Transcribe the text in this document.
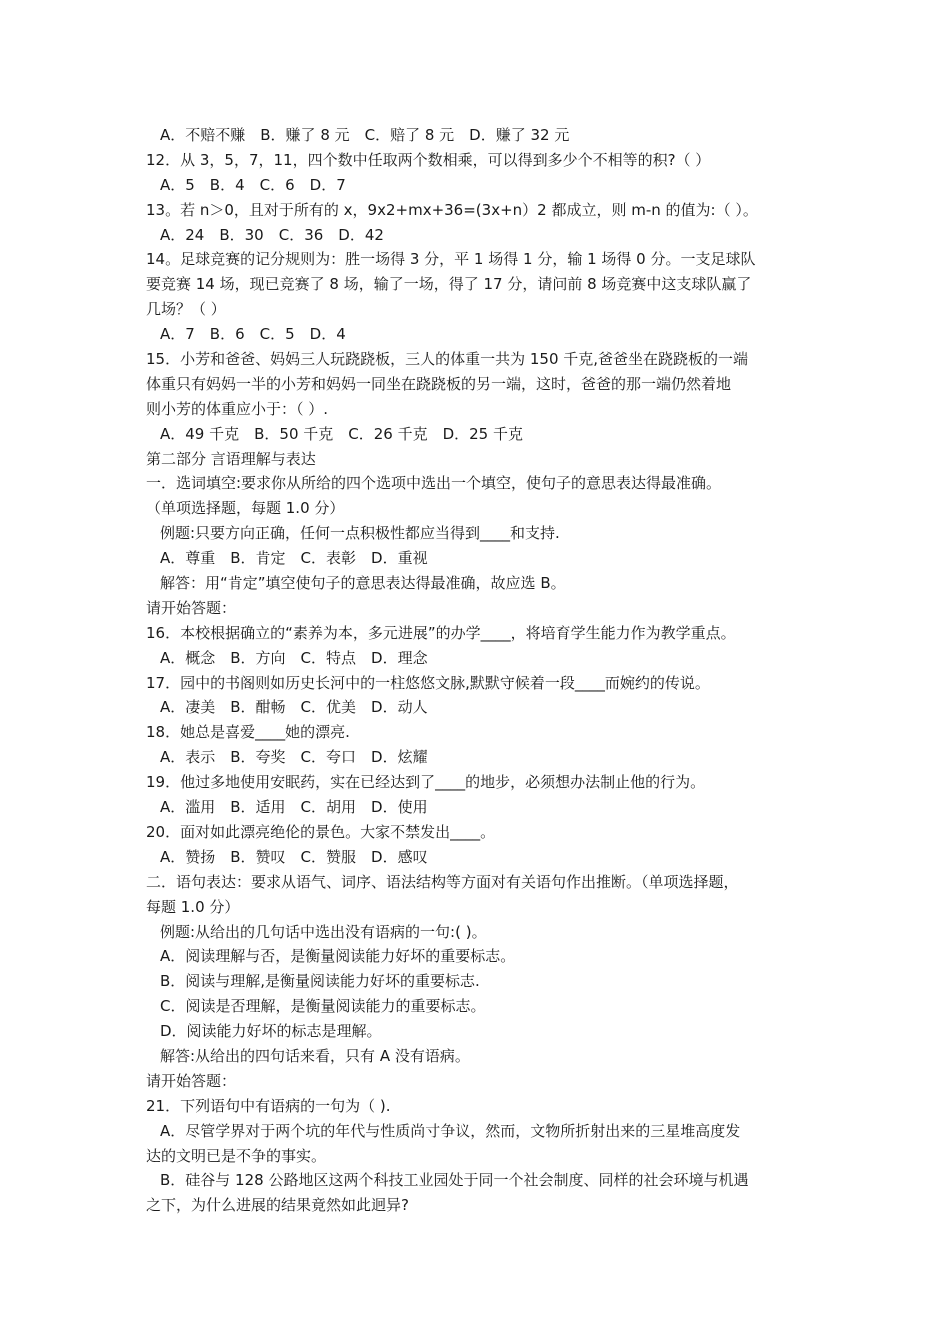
A．不赔不赚　B．赚了 8 元　C．赔了 8 元　D．赚了 32 元
12．从 3，5，7，11，四个数中任取两个数相乘，可以得到多少个不相等的积?（ ）
A．5　B．4　C．6　D．7
13。若 n＞0，且对于所有的 x，9x2+mx+36=(3x+n）2 都成立，则 m-n 的值为:（ ）。
A．24　B．30　C．36　D．42
14。足球竞赛的记分规则为：胜一场得 3 分，平 1 场得 1 分，输 1 场得 0 分。一支足球队
要竞赛 14 场，现已竞赛了 8 场，输了一场，得了 17 分，请问前 8 场竞赛中这支球队赢了
几场？（ ）
A．7　B．6　C．5　D．4
15．小芳和爸爸、妈妈三人玩跷跷板，三人的体重一共为 150 千克,爸爸坐在跷跷板的一端
体重只有妈妈一半的小芳和妈妈一同坐在跷跷板的另一端，这时，爸爸的那一端仍然着地
则小芳的体重应小于：（ ）.
A．49 千克　B．50 千克　C．26 千克　D．25 千克
第二部分 言语理解与表达
一．选词填空:要求你从所给的四个选项中选出一个填空，使句子的意思表达得最准确。
（单项选择题，每题 1.0 分）
例题:只要方向正确，任何一点积极性都应当得到____和支持.
A．尊重　B．肯定　C．表彰　D．重视
解答：用“肯定”填空使句子的意思表达得最准确，故应选 B。
请开始答题：
16．本校根据确立的“素养为本，多元进展”的办学____，将培育学生能力作为教学重点。
A．概念　B．方向　C．特点　D．理念
17．园中的书阁则如历史长河中的一柱悠悠文脉,默默守候着一段____而婉约的传说。
A．凄美　B．酣畅　C．优美　D．动人
18．她总是喜爱____她的漂亮.
A．表示　B．夸奖　C．夸口　D．炫耀
19．他过多地使用安眠药，实在已经达到了____的地步，必须想办法制止他的行为。
A．滥用　B．适用　C．胡用　D．使用
20．面对如此漂亮绝伦的景色。大家不禁发出____。
A．赞扬　B．赞叹　C．赞服　D．感叹
二．语句表达：要求从语气、词序、语法结构等方面对有关语句作出推断。（单项选择题，
每题 1.0 分）
例题:从给出的几句话中选出没有语病的一句:( )。
A．阅读理解与否，是衡量阅读能力好坏的重要标志。
B．阅读与理解,是衡量阅读能力好坏的重要标志.
C．阅读是否理解，是衡量阅读能力的重要标志。
D．阅读能力好坏的标志是理解。
解答:从给出的四句话来看，只有 A 没有语病。
请开始答题：
21．下列语句中有语病的一句为（ ).
A．尽管学界对于两个坑的年代与性质尚寸争议，然而，文物所折射出来的三星堆高度发
达的文明已是不争的事实。
B．硅谷与 128 公路地区这两个科技工业园处于同一个社会制度、同样的社会环境与机遇
之下，为什么进展的结果竟然如此迥异?
